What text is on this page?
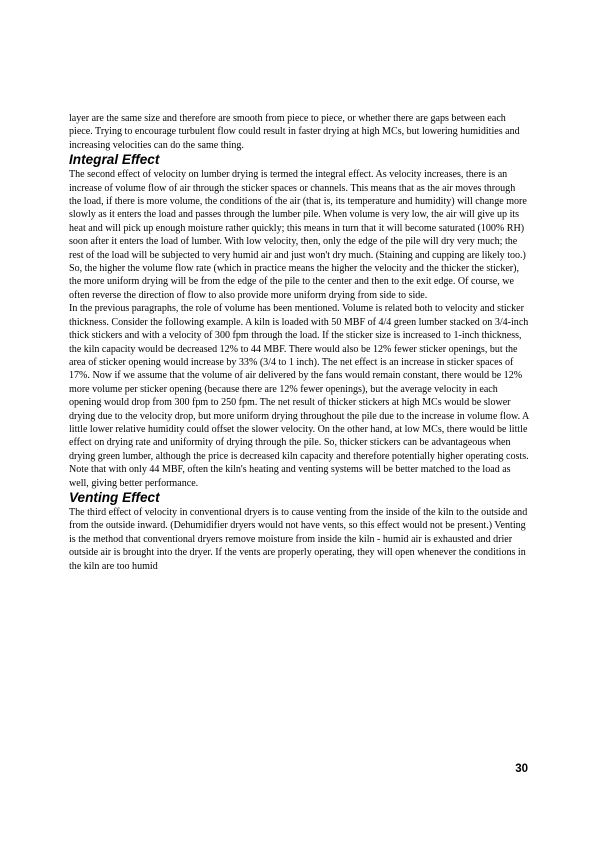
layer are the same size and therefore are smooth from piece to piece, or whether there are gaps between each piece. Trying to encourage turbulent flow could result in faster drying at high MCs, but lowering humidities and increasing velocities can do the same thing.

Integral Effect

The second effect of velocity on lumber drying is termed the integral effect. As velocity increases, there is an increase of volume flow of air through the sticker spaces or channels. This means that as the air moves through the load, if there is more volume, the conditions of the air (that is, its temperature and humidity) will change more slowly as it enters the load and passes through the lumber pile. When volume is very low, the air will give up its heat and will pick up enough moisture rather quickly; this means in turn that it will become saturated (100% RH) soon after it enters the load of lumber. With low velocity, then, only the edge of the pile will dry very much; the rest of the load will be subjected to very humid air and just won't dry much. (Staining and cupping are likely too.) So, the higher the volume flow rate (which in practice means the higher the velocity and the thicker the sticker), the more uniform drying will be from the edge of the pile to the center and then to the exit edge. Of course, we often reverse the direction of flow to also provide more uniform drying from side to side.

In the previous paragraphs, the role of volume has been mentioned. Volume is related both to velocity and sticker thickness. Consider the following example. A kiln is loaded with 50 MBF of 4/4 green lumber stacked on 3/4-inch thick stickers and with a velocity of 300 fpm through the load. If the sticker size is increased to 1-inch thickness, the kiln capacity would be decreased 12% to 44 MBF. There would also be 12% fewer sticker openings, but the area of sticker opening would increase by 33% (3/4 to 1 inch). The net effect is an increase in sticker spaces of 17%. Now if we assume that the volume of air delivered by the fans would remain constant, there would be 12% more volume per sticker opening (because there are 12% fewer openings), but the average velocity in each opening would drop from 300 fpm to 250 fpm. The net result of thicker stickers at high MCs would be slower drying due to the velocity drop, but more uniform drying throughout the pile due to the increase in volume flow. A little lower relative humidity could offset the slower velocity. On the other hand, at low MCs, there would be little effect on drying rate and uniformity of drying through the pile. So, thicker stickers can be advantageous when drying green lumber, although the price is decreased kiln capacity and therefore potentially higher operating costs. Note that with only 44 MBF, often the kiln's heating and venting systems will be better matched to the load as well, giving better performance.

Venting Effect

The third effect of velocity in conventional dryers is to cause venting from the inside of the kiln to the outside and from the outside inward. (Dehumidifier dryers would not have vents, so this effect would not be present.) Venting is the method that conventional dryers remove moisture from inside the kiln - humid air is exhausted and drier outside air is brought into the dryer. If the vents are properly operating, they will open whenever the conditions in the kiln are too humid

30
